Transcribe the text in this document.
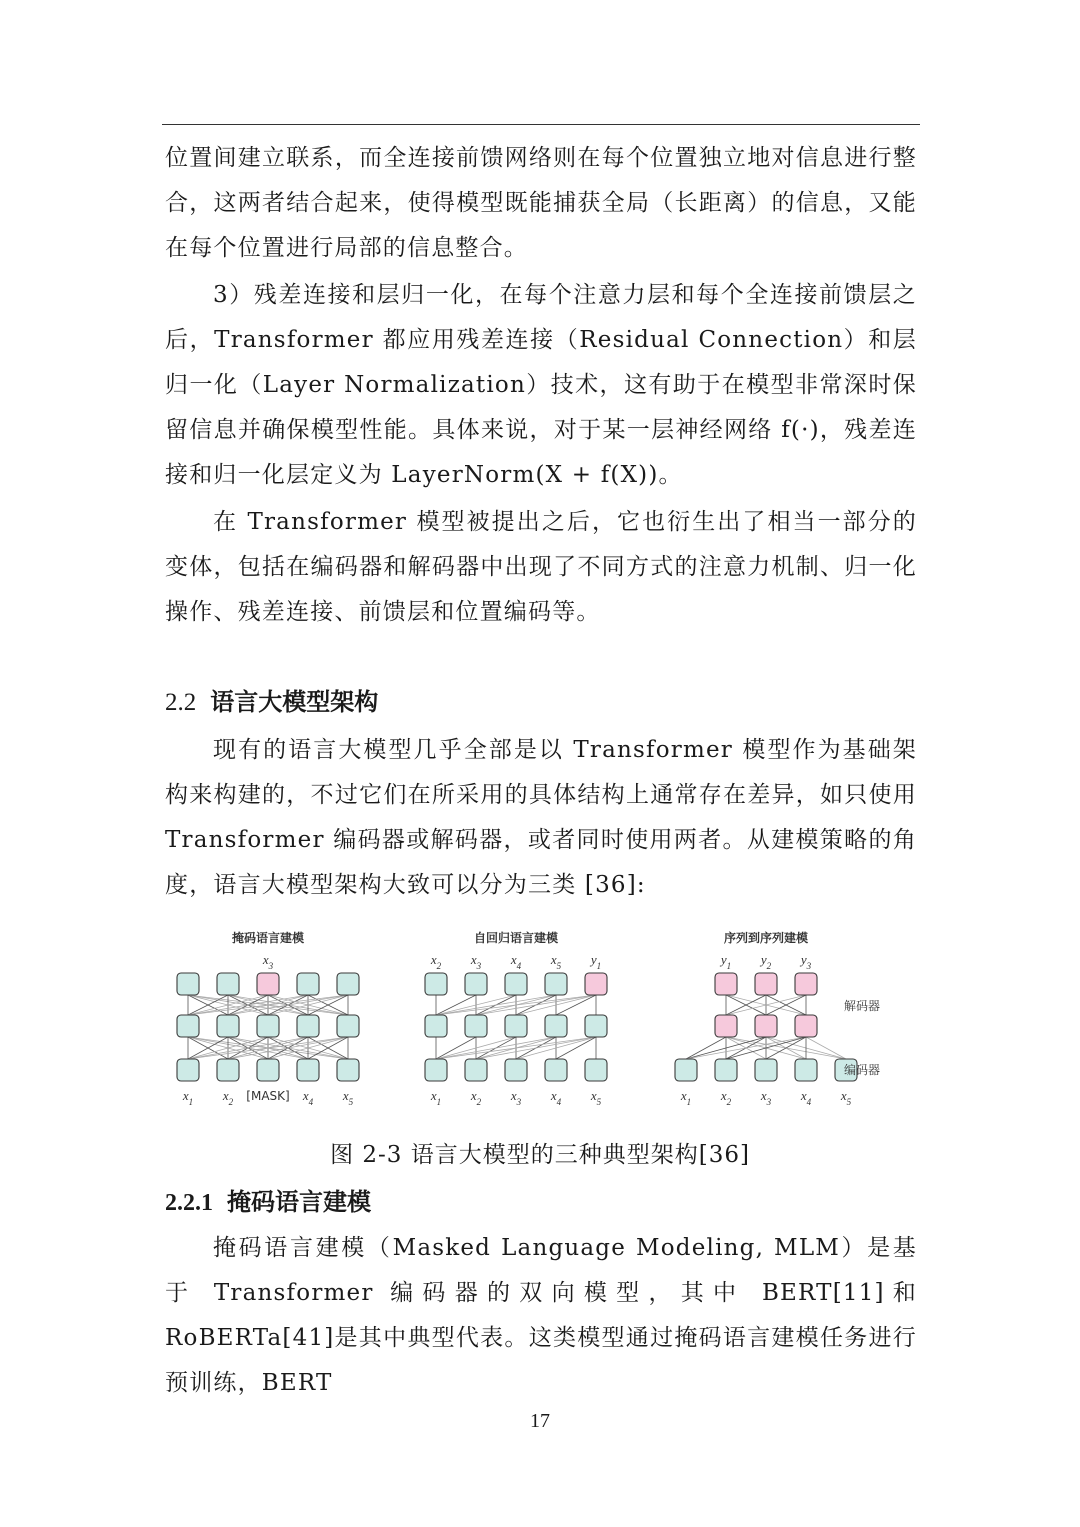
位置间建立联系，而全连接前馈网络则在每个位置独立地对信息进行整合，这两者结合起来，使得模型既能捕获全局（长距离）的信息，又能在每个位置进行局部的信息整合。

3）残差连接和层归一化，在每个注意力层和每个全连接前馈层之后，Transformer 都应用残差连接（Residual Connection）和层归一化（Layer Normalization）技术，这有助于在模型非常深时保留信息并确保模型性能。具体来说，对于某一层神经网络 f(·)，残差连接和归一化层定义为 LayerNorm(X + f(X))。

在 Transformer 模型被提出之后，它也衍生出了相当一部分的变体，包括在编码器和解码器中出现了不同方式的注意力机制、归一化操作、残差连接、前馈层和位置编码等。

2.2 语言大模型架构

现有的语言大模型几乎全部是以 Transformer 模型作为基础架构来构建的，不过它们在所采用的具体结构上通常存在差异，如只使用 Transformer 编码器或解码器，或者同时使用两者。从建模策略的角度，语言大模型架构大致可以分为三类 [36]:

掩码语言建模
$x_3$
$x_1$ $x_2$ [MASK] $x_4$ $x_5$
自回归语言建模
$x_2$ $x_3$ $x_4$ $x_5$ $y_1$
$x_1$ $x_2$ $x_3$ $x_4$ $x_5$
序列到序列建模
$y_1$ $y_2$ $y_3$
$x_1$ $x_2$ $x_3$ $x_4$ $x_5$
解码器
编码器
图 2-3 语言大模型的三种典型架构[36]
2.2.1 掩码语言建模

掩码语言建模（Masked Language Modeling, MLM）是基于 Transformer 编码器的双向模型，其中 BERT[11]和 RoBERTa[41]是其中典型代表。这类模型通过掩码语言建模任务进行预训练，BERT

17
